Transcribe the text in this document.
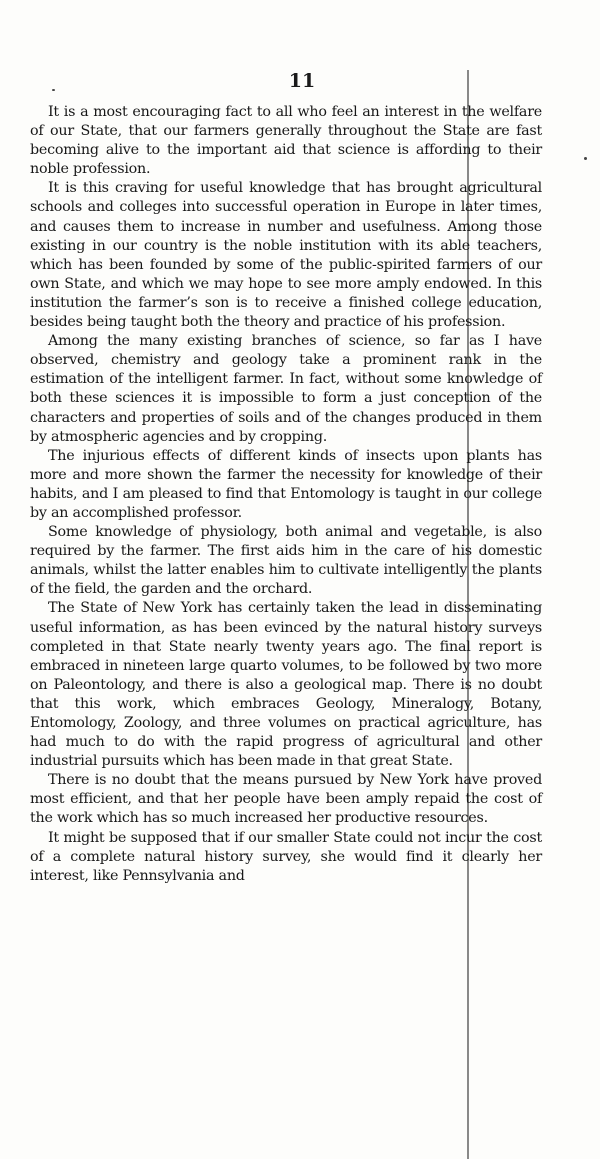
11

It is a most encouraging fact to all who feel an interest in the welfare of our State, that our farmers generally throughout the State are fast becoming alive to the important aid that science is affording to their noble profession.

It is this craving for useful knowledge that has brought agricultural schools and colleges into successful operation in Europe in later times, and causes them to increase in number and usefulness. Among those existing in our country is the noble institution with its able teachers, which has been founded by some of the public-spirited farmers of our own State, and which we may hope to see more amply endowed. In this institution the farmer’s son is to receive a finished college education, besides being taught both the theory and practice of his profession.

Among the many existing branches of science, so far as I have observed, chemistry and geology take a prominent rank in the estimation of the intelligent farmer. In fact, without some knowledge of both these sciences it is impossible to form a just conception of the characters and properties of soils and of the changes produced in them by atmospheric agencies and by cropping.

The injurious effects of different kinds of insects upon plants has more and more shown the farmer the necessity for knowledge of their habits, and I am pleased to find that Entomology is taught in our college by an accomplished professor.

Some knowledge of physiology, both animal and vegetable, is also required by the farmer. The first aids him in the care of his domestic animals, whilst the latter enables him to cultivate intelligently the plants of the field, the garden and the orchard.

The State of New York has certainly taken the lead in disseminating useful information, as has been evinced by the natural history surveys completed in that State nearly twenty years ago. The final report is embraced in nineteen large quarto volumes, to be followed by two more on Paleontology, and there is also a geological map. There is no doubt that this work, which embraces Geology, Mineralogy, Botany, Entomology, Zoology, and three volumes on practical agriculture, has had much to do with the rapid progress of agricultural and other industrial pursuits which has been made in that great State.

There is no doubt that the means pursued by New York have proved most efficient, and that her people have been amply repaid the cost of the work which has so much increased her productive resources.

It might be supposed that if our smaller State could not incur the cost of a complete natural history survey, she would find it clearly her interest, like Pennsylvania and
